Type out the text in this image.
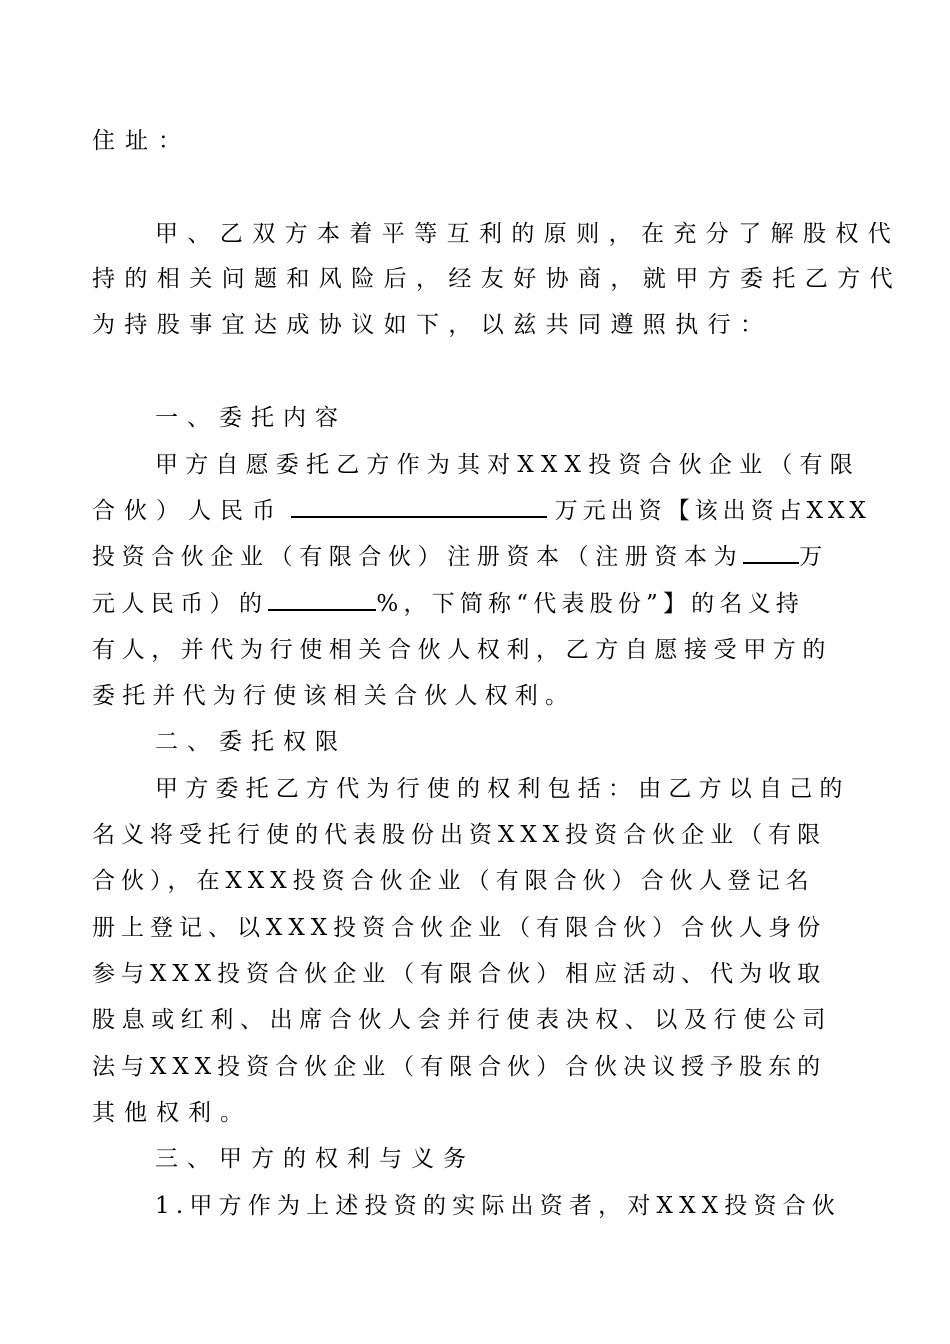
住址：
甲、乙双方本着平等互利的原则，在充分了解股权代
持的相关问题和风险后，经友好协商，就甲方委托乙方代
为持股事宜达成协议如下，以兹共同遵照执行：
一、委托内容
甲方自愿委托乙方作为其对XXX投资合伙企业（有限
合伙）人民币	万元出资【该出资占XXX
投资合伙企业（有限合伙）注册资本（注册资本为 万
元人民币）的	%，下简称“代表股份”】的名义持
有人，并代为行使相关合伙人权利，乙方自愿接受甲方的
委托并代为行使该相关合伙人权利。
二、委托权限
甲方委托乙方代为行使的权利包括：由乙方以自己的
名义将受托行使的代表股份出资XXX投资合伙企业（有限
合伙），在XXX投资合伙企业（有限合伙）合伙人登记名
册上登记、以XXX投资合伙企业（有限合伙）合伙人身份
参与XXX投资合伙企业（有限合伙）相应活动、代为收取
股息或红利、出席合伙人会并行使表决权、以及行使公司
法与XXX投资合伙企业（有限合伙）合伙决议授予股东的
其他权利。
三、甲方的权利与义务
1.甲方作为上述投资的实际出资者，对XXX投资合伙
